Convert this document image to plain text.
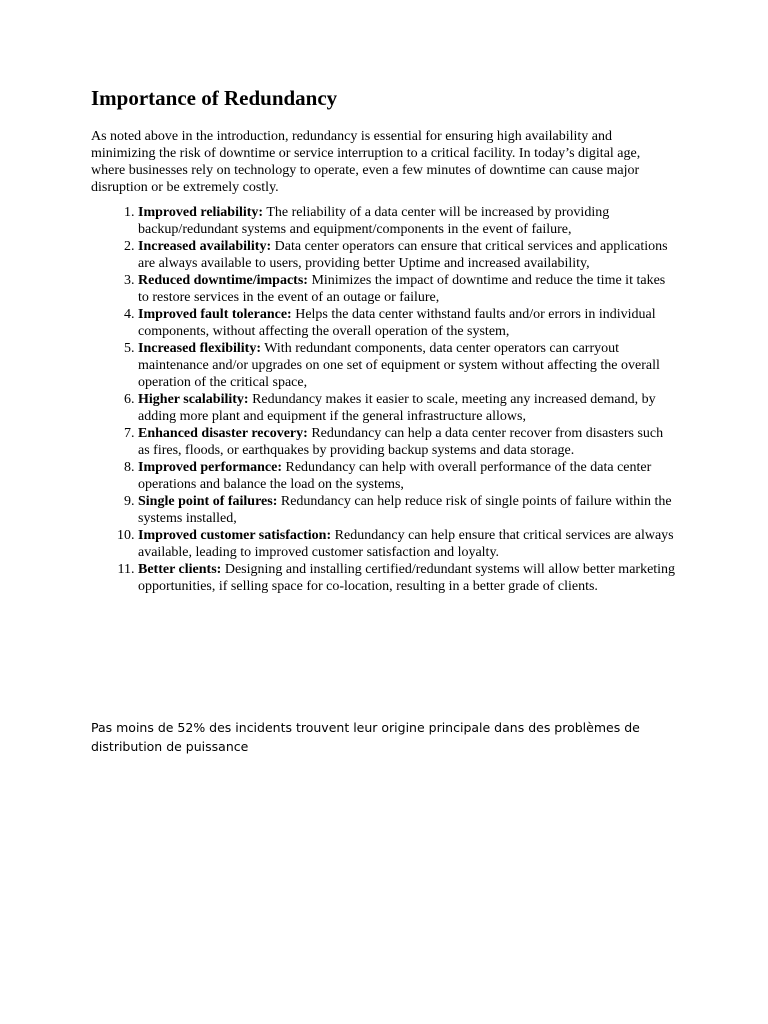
Importance of Redundancy

As noted above in the introduction, redundancy is essential for ensuring high availability and minimizing the risk of downtime or service interruption to a critical facility. In today’s digital age, where businesses rely on technology to operate, even a few minutes of downtime can cause major disruption or be extremely costly.

1. Improved reliability: The reliability of a data center will be increased by providing backup/redundant systems and equipment/components in the event of failure,
2. Increased availability: Data center operators can ensure that critical services and applications are always available to users, providing better Uptime and increased availability,
3. Reduced downtime/impacts: Minimizes the impact of downtime and reduce the time it takes to restore services in the event of an outage or failure,
4. Improved fault tolerance: Helps the data center withstand faults and/or errors in individual components, without affecting the overall operation of the system,
5. Increased flexibility: With redundant components, data center operators can carryout maintenance and/or upgrades on one set of equipment or system without affecting the overall operation of the critical space,
6. Higher scalability: Redundancy makes it easier to scale, meeting any increased demand, by adding more plant and equipment if the general infrastructure allows,
7. Enhanced disaster recovery: Redundancy can help a data center recover from disasters such as fires, floods, or earthquakes by providing backup systems and data storage.
8. Improved performance: Redundancy can help with overall performance of the data center operations and balance the load on the systems,
9. Single point of failures: Redundancy can help reduce risk of single points of failure within the systems installed,
10. Improved customer satisfaction: Redundancy can help ensure that critical services are always available, leading to improved customer satisfaction and loyalty.
11. Better clients: Designing and installing certified/redundant systems will allow better marketing opportunities, if selling space for co-location, resulting in a better grade of clients.

Pas moins de 52% des incidents trouvent leur origine principale dans des problèmes de distribution de puissance
